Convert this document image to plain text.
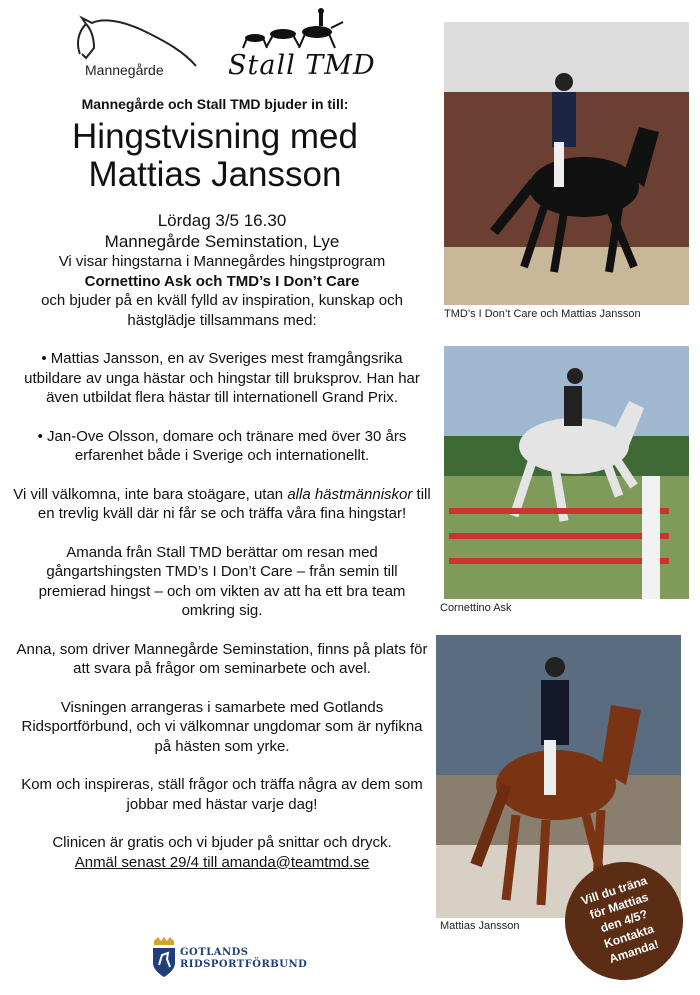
Mannegårde Stall TMD
Mannegårde och Stall TMD bjuder in till:
Hingstvisning med
Mattias Jansson

Lördag 3/5 16.30

Mannegårde Seminstation, Lye

Vi visar hingstarna i Mannegårdes hingstprogram

Cornettino Ask och TMD’s I Don’t Care

och bjuder på en kväll fylld av inspiration, kunskap och hästglädje tillsammans med:

• Mattias Jansson, en av Sveriges mest framgångsrika utbildare av unga hästar och hingstar till bruksprov. Han har även utbildat flera hästar till internationell Grand Prix.

• Jan-Ove Olsson, domare och tränare med över 30 års erfarenhet både i Sverige och internationellt.

Vi vill välkomna, inte bara stoägare, utan alla hästmänniskor till en trevlig kväll där ni får se och träffa våra fina hingstar!

Amanda från Stall TMD berättar om resan med gångartshingsten TMD’s I Don’t Care – från semin till premierad hingst – och om vikten av att ha ett bra team omkring sig.

Anna, som driver Mannegårde Seminstation, finns på plats för att svara på frågor om seminarbete och avel.

Visningen arrangeras i samarbete med Gotlands Ridsportförbund, och vi välkomnar ungdomar som är nyfikna på hästen som yrke.

Kom och inspireras, ställ frågor och träffa några av dem som jobbar med hästar varje dag!

Clinicen är gratis och vi bjuder på snittar och dryck.

Anmäl senast 29/4 till amanda@teamtmd.se

TMD’s I Don’t Care och Mattias Jansson
Cornettino Ask
Mattias Jansson
Vill du träna för Mattias den 4/5? Kontakta Amanda!
GOTLANDS
RIDSPORTFÖRBUND
